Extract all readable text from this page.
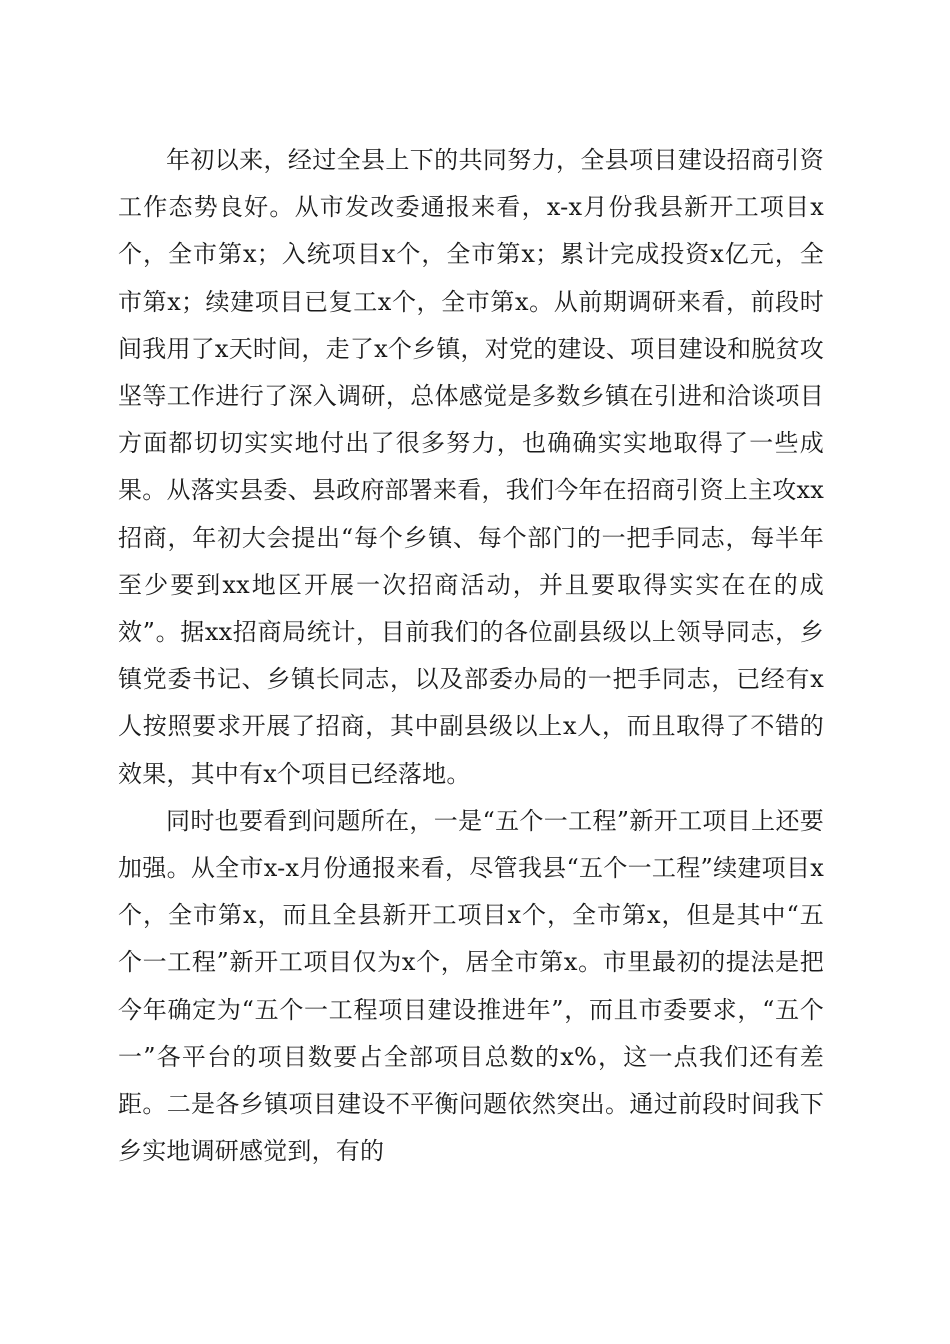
年初以来，经过全县上下的共同努力，全县项目建设招商引资工作态势良好。从市发改委通报来看，x-x月份我县新开工项目x个，全市第x；入统项目x个，全市第x；累计完成投资x亿元，全市第x；续建项目已复工x个，全市第x。从前期调研来看，前段时间我用了x天时间，走了x个乡镇，对党的建设、项目建设和脱贫攻坚等工作进行了深入调研，总体感觉是多数乡镇在引进和洽谈项目方面都切切实实地付出了很多努力，也确确实实地取得了一些成果。从落实县委、县政府部署来看，我们今年在招商引资上主攻xx招商，年初大会提出“每个乡镇、每个部门的一把手同志，每半年至少要到xx地区开展一次招商活动，并且要取得实实在在的成效”。据xx招商局统计，目前我们的各位副县级以上领导同志，乡镇党委书记、乡镇长同志，以及部委办局的一把手同志，已经有x人按照要求开展了招商，其中副县级以上x人，而且取得了不错的效果，其中有x个项目已经落地。

同时也要看到问题所在，一是“五个一工程”新开工项目上还要加强。从全市x-x月份通报来看，尽管我县“五个一工程”续建项目x个，全市第x，而且全县新开工项目x个，全市第x，但是其中“五个一工程”新开工项目仅为x个，居全市第x。市里最初的提法是把今年确定为“五个一工程项目建设推进年”，而且市委要求，“五个一”各平台的项目数要占全部项目总数的x%，这一点我们还有差距。二是各乡镇项目建设不平衡问题依然突出。通过前段时间我下乡实地调研感觉到，有的
